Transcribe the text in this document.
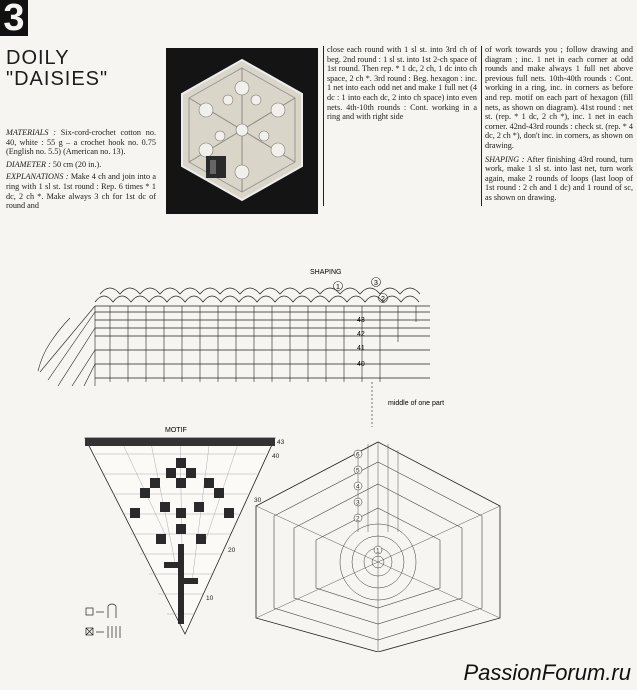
3
DOILY
"DAISIES"
MATERIALS : Six-cord-crochet cotton no. 40, white : 55 g – a crochet hook no. 0.75 (English no. 5.5) (American no. 13).
DIAMETER : 50 cm (20 in.).
EXPLANATIONS : Make 4 ch and join into a ring with 1 sl st. 1st round : Rep. 6 times * 1 dc, 2 ch *. Make always 3 ch for 1st dc of round and
close each round with 1 sl st. into 3rd ch of beg. 2nd round : 1 sl st. into 1st 2-ch space of 1st round. Then rep. * 1 dc, 2 ch, 1 dc into ch space, 2 ch *. 3rd round : Beg. hexagon : inc. 1 net into each odd net and make 1 full net (4 dc : 1 into each dc, 2 into ch space) into even nets. 4th-10th rounds : Cont. working in a ring and with right side
of work towards you ; follow drawing and diagram ; inc. 1 net in each corner at odd rounds and make always 1 full net above previous full nets. 10th-40th rounds : Cont. working in a ring, inc. in corners as before and rep. motif on each part of hexagon (fill nets, as shown on diagram). 41st round : net st. (rep. * 1 dc, 2 ch *), inc. 1 net in each corner. 42nd-43rd rounds : check st. (rep. * 4 dc, 2 ch *), don't inc. in corners, as shown on drawing.
SHAPING : After finishing 43rd round, turn work, make 1 sl st. into last net, turn work again, make 2 rounds of loops (last loop of 1st round : 2 ch and 1 dc) and 1 round of sc, as shown on drawing.
SHAPING
3
2
1
43
42
41
40
middle of one part
MOTIF
43
40
30
20
10
6
5
4
3
2
1
PassionForum.ru
